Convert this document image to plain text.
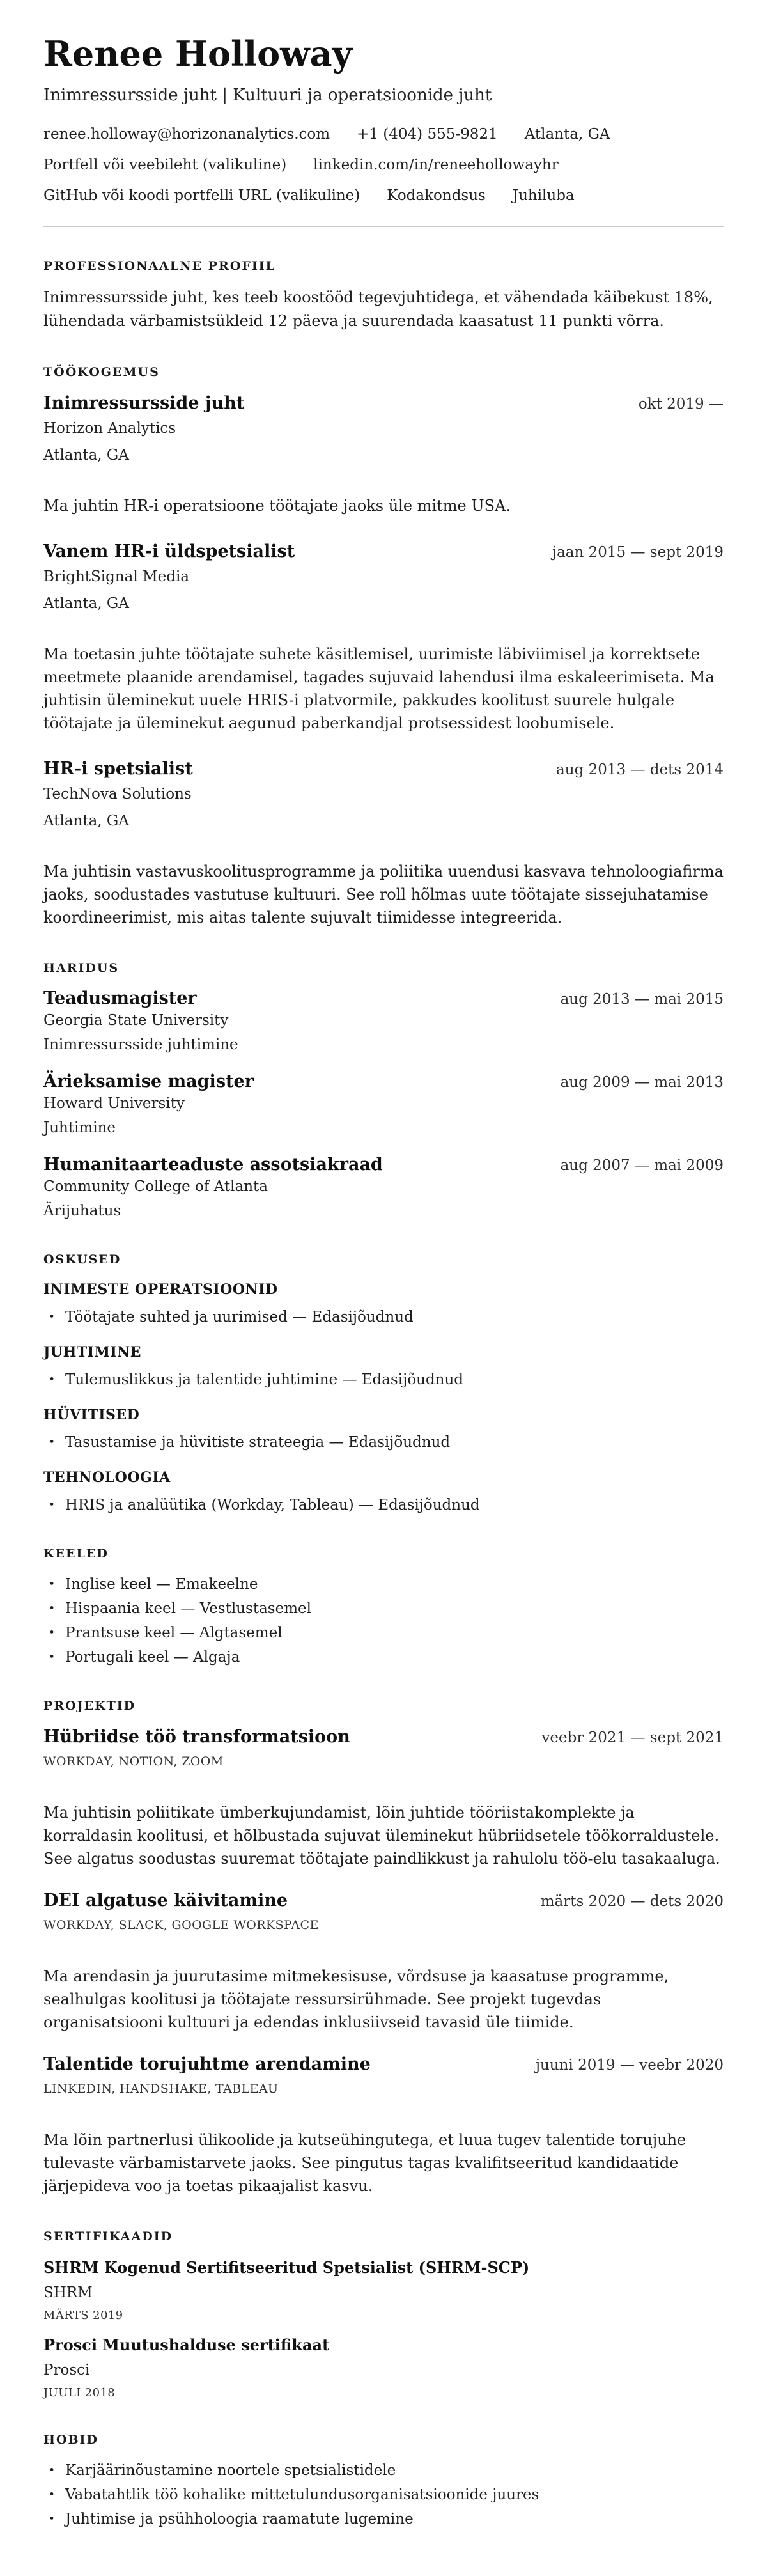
Renee Holloway
Inimressursside juht | Kultuuri ja operatsioonide juht
renee.holloway@horizonanalytics.com +1 (404) 555-9821 Atlanta, GA
Portfell või veebileht (valikuline) linkedin.com/in/reneehollowayhr
GitHub või koodi portfelli URL (valikuline) Kodakondsus Juhiluba
PROFESSIONAALNE PROFIIL

Inimressursside juht, kes teeb koostööd tegevjuhtidega, et vähendada käibekust 18%, lühendada värbamistsükleid 12 päeva ja suurendada kaasatust 11 punkti võrra.

TÖÖKOGEMUS
Inimressursside juht	okt 2019 —
Horizon Analytics
Atlanta, GA

Ma juhtin HR-i operatsioone töötajate jaoks üle mitme USA.

Vanem HR-i üldspetsialist	jaan 2015 — sept 2019
BrightSignal Media
Atlanta, GA

Ma toetasin juhte töötajate suhete käsitlemisel, uurimiste läbiviimisel ja korrektsete meetmete plaanide arendamisel, tagades sujuvaid lahendusi ilma eskaleerimiseta. Ma juhtisin üleminekut uuele HRIS-i platvormile, pakkudes koolitust suurele hulgale töötajate ja üleminekut aegunud paberkandjal protsessidest loobumisele.

HR-i spetsialist	aug 2013 — dets 2014
TechNova Solutions
Atlanta, GA

Ma juhtisin vastavuskoolitusprogramme ja poliitika uuendusi kasvava tehnoloogiafirma jaoks, soodustades vastutuse kultuuri. See roll hõlmas uute töötajate sissejuhatamise koordineerimist, mis aitas talente sujuvalt tiimidesse integreerida.

HARIDUS
Teadusmagister	aug 2013 — mai 2015
Georgia State University
Inimressursside juhtimine
Ärieksamise magister	aug 2009 — mai 2013
Howard University
Juhtimine
Humanitaarteaduste assotsiakraad	aug 2007 — mai 2009
Community College of Atlanta
Ärijuhatus
OSKUSED
INIMESTE OPERATSIOONID
• Töötajate suhted ja uurimised — Edasijõudnud
JUHTIMINE
• Tulemuslikkus ja talentide juhtimine — Edasijõudnud
HÜVITISED
• Tasustamise ja hüvitiste strateegia — Edasijõudnud
TEHNOLOOGIA
• HRIS ja analüütika (Workday, Tableau) — Edasijõudnud
KEELED
• Inglise keel — Emakeelne
• Hispaania keel — Vestlustasemel
• Prantsuse keel — Algtasemel
• Portugali keel — Algaja
PROJEKTID
Hübriidse töö transformatsioon	veebr 2021 — sept 2021
WORKDAY, NOTION, ZOOM

Ma juhtisin poliitikate ümberkujundamist, lõin juhtide tööriistakomplekte ja korraldasin koolitusi, et hõlbustada sujuvat üleminekut hübriidsetele töökorraldustele. See algatus soodustas suuremat töötajate paindlikkust ja rahulolu töö-elu tasakaaluga.

DEI algatuse käivitamine	märts 2020 — dets 2020
WORKDAY, SLACK, GOOGLE WORKSPACE

Ma arendasin ja juurutasime mitmekesisuse, võrdsuse ja kaasatuse programme, sealhulgas koolitusi ja töötajate ressursirühmade. See projekt tugevdas organisatsiooni kultuuri ja edendas inklusiivseid tavasid üle tiimide.

Talentide torujuhtme arendamine	juuni 2019 — veebr 2020
LINKEDIN, HANDSHAKE, TABLEAU

Ma lõin partnerlusi ülikoolide ja kutseühingutega, et luua tugev talentide torujuhe tulevaste värbamistarvete jaoks. See pingutus tagas kvalifitseeritud kandidaatide järjepideva voo ja toetas pikaajalist kasvu.

SERTIFIKAADID
SHRM Kogenud Sertifitseeritud Spetsialist (SHRM-SCP)
SHRM
MÄRTS 2019
Prosci Muutushalduse sertifikaat
Prosci
JUULI 2018
HOBID
• Karjäärinõustamine noortele spetsialistidele
• Vabatahtlik töö kohalike mittetulundusorganisatsioonide juures
• Juhtimise ja psühholoogia raamatute lugemine
